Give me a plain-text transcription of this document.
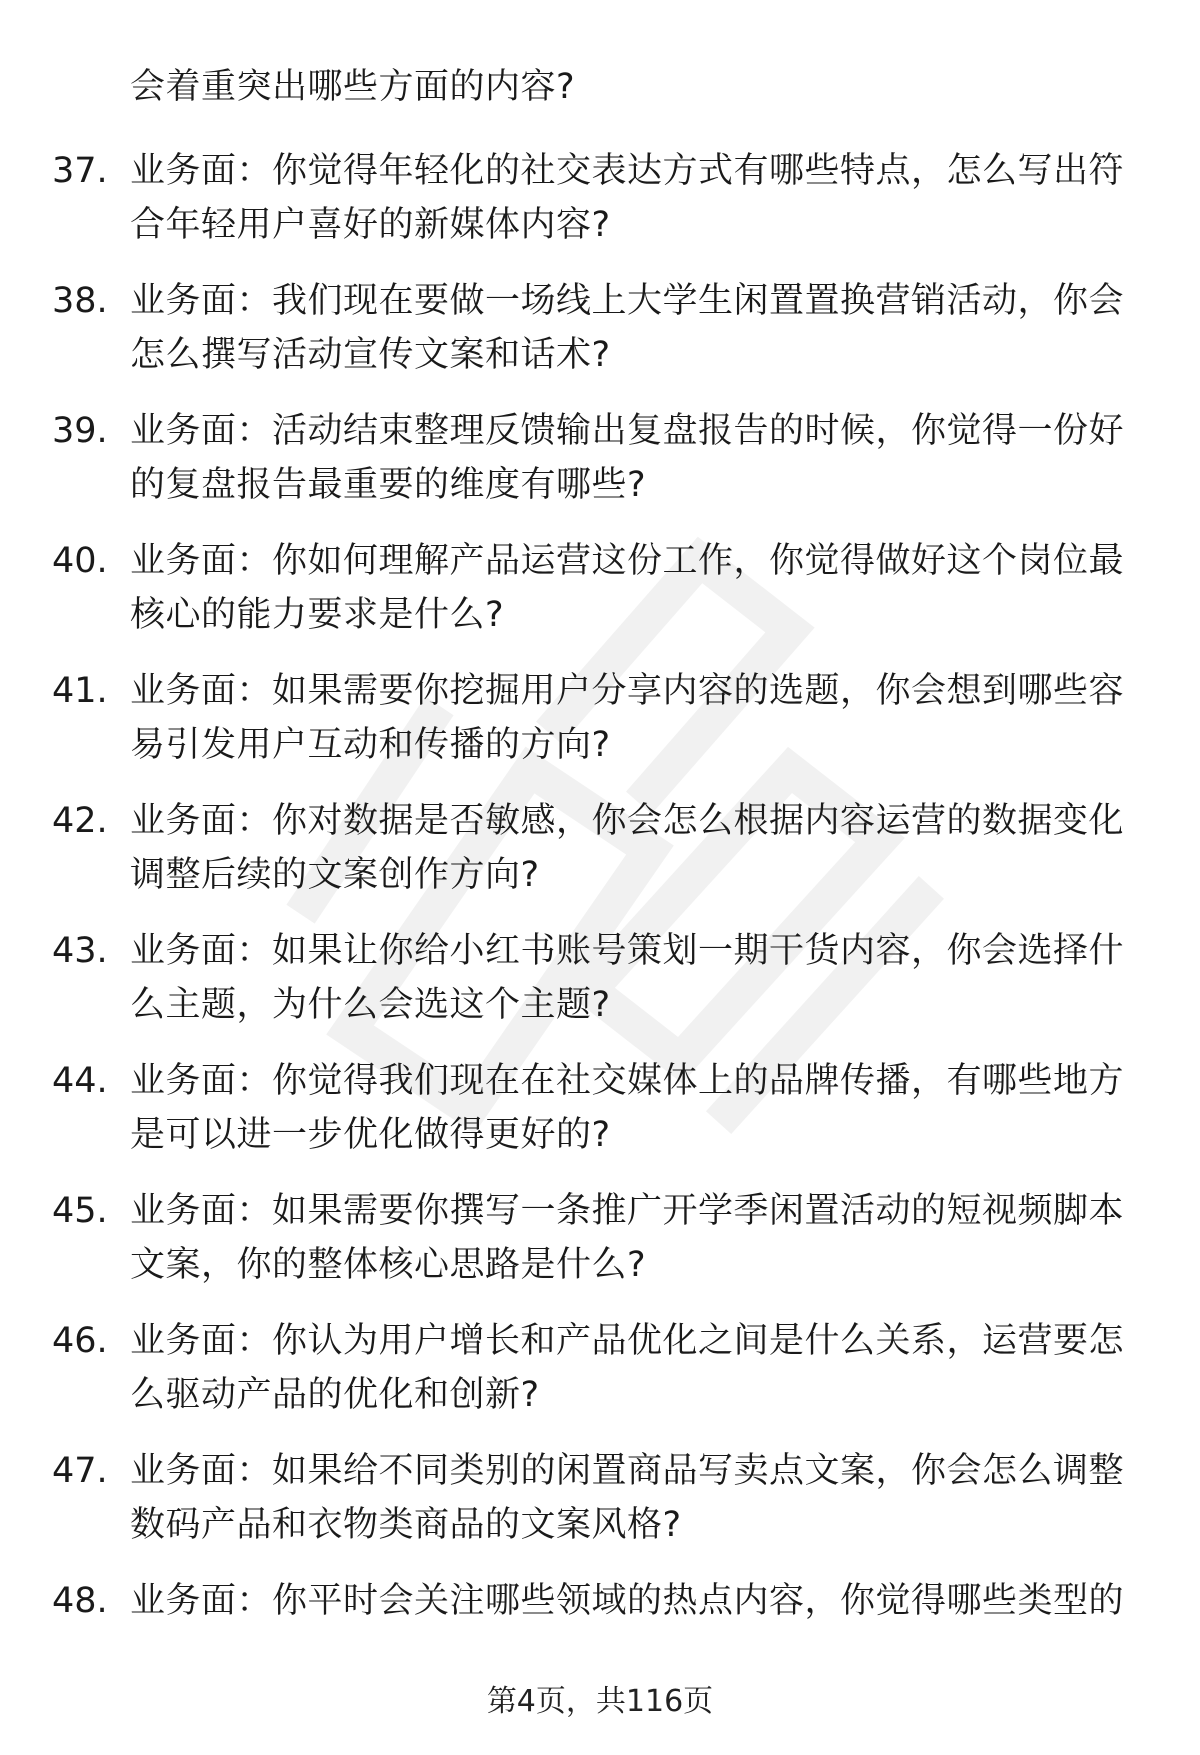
会着重突出哪些方面的内容?
37. 业务面：你觉得年轻化的社交表达方式有哪些特点，怎么写出符合年轻用户喜好的新媒体内容?
38. 业务面：我们现在要做一场线上大学生闲置置换营销活动，你会怎么撰写活动宣传文案和话术?
39. 业务面：活动结束整理反馈输出复盘报告的时候，你觉得一份好的复盘报告最重要的维度有哪些?
40. 业务面：你如何理解产品运营这份工作，你觉得做好这个岗位最核心的能力要求是什么?
41. 业务面：如果需要你挖掘用户分享内容的选题，你会想到哪些容易引发用户互动和传播的方向?
42. 业务面：你对数据是否敏感，你会怎么根据内容运营的数据变化调整后续的文案创作方向?
43. 业务面：如果让你给小红书账号策划一期干货内容，你会选择什么主题，为什么会选这个主题?
44. 业务面：你觉得我们现在在社交媒体上的品牌传播，有哪些地方是可以进一步优化做得更好的?
45. 业务面：如果需要你撰写一条推广开学季闲置活动的短视频脚本文案，你的整体核心思路是什么?
46. 业务面：你认为用户增长和产品优化之间是什么关系，运营要怎么驱动产品的优化和创新?
47. 业务面：如果给不同类别的闲置商品写卖点文案，你会怎么调整数码产品和衣物类商品的文案风格?
48. 业务面：你平时会关注哪些领域的热点内容，你觉得哪些类型的
第4页，共116页
